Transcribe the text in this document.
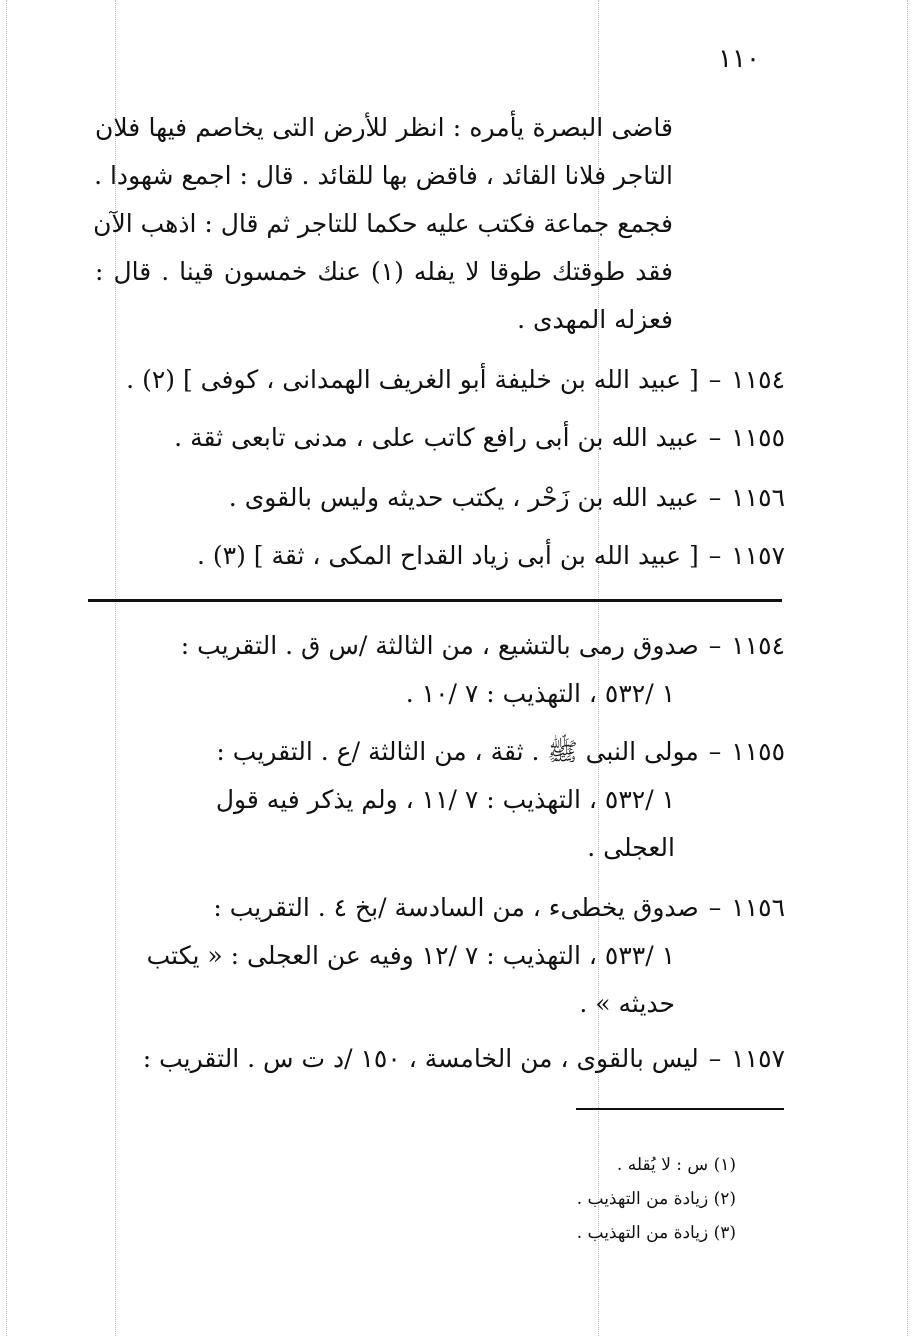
١١٠
قاضى البصرة يأمره : انظر للأرض التى يخاصم فيها فلان
التاجر فلانا القائد ، فاقض بها للقائد . قال : اجمع شهودا .
فجمع جماعة فكتب عليه حكما للتاجر ثم قال : اذهب الآن
فقد طوقتك طوقا لا يفله (١) عنك خمسون قينا . قال :
فعزله المهدى .
١١٥٤–[ عبيد الله بن خليفة أبو الغريف الهمدانى ، كوفى ] (٢) .
١١٥٥–عبيد الله بن أبى رافع كاتب على ، مدنى تابعى ثقة .
١١٥٦–عبيد الله بن زَحْر ، يكتب حديثه وليس بالقوى .
١١٥٧–[ عبيد الله بن أبى زياد القداح المكى ، ثقة ] (٣) .
١١٥٤–صدوق رمى بالتشيع ، من الثالثة /س ق . التقريب :
١ /٥٣٢ ، التهذيب : ٧ /١٠ .
١١٥٥–مولى النبى ﷺ . ثقة ، من الثالثة /ع . التقريب :
١ /٥٣٢ ، التهذيب : ٧ /١١ ، ولم يذكر فيه قول
العجلى .
١١٥٦–صدوق يخطىء ، من السادسة /بخ ٤ . التقريب :
١ /٥٣٣ ، التهذيب : ٧ /١٢ وفيه عن العجلى : « يكتب
حديثه » .
١١٥٧–ليس بالقوى ، من الخامسة ، ١٥٠ /د ت س . التقريب :
(١) س : لا يُقله .
(٢) زيادة من التهذيب .
(٣) زيادة من التهذيب .
